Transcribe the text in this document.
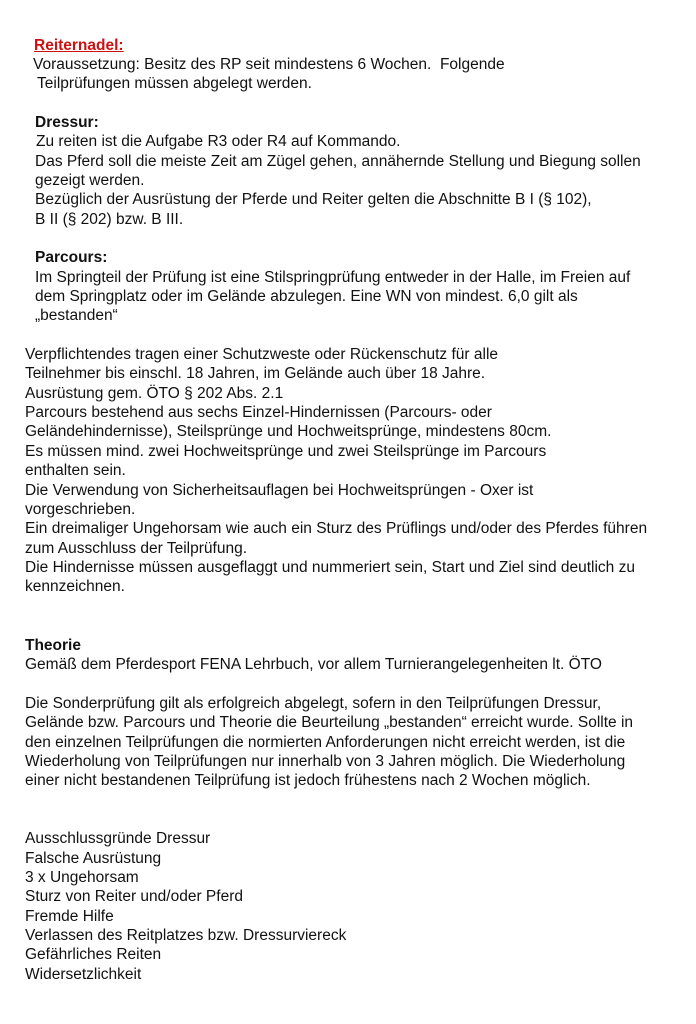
Reiternadel:

Voraussetzung: Besitz des RP seit mindestens 6 Wochen.  Folgende

Teilprüfungen müssen abgelegt werden.

Dressur:

Zu reiten ist die Aufgabe R3 oder R4 auf Kommando.

Das Pferd soll die meiste Zeit am Zügel gehen, annähernde Stellung und Biegung sollen

gezeigt werden.

Bezüglich der Ausrüstung der Pferde und Reiter gelten die Abschnitte B I (§ 102),

B II (§ 202) bzw. B III.

Parcours:

Im Springteil der Prüfung ist eine Stilspringprüfung entweder in der Halle, im Freien auf

dem Springplatz oder im Gelände abzulegen. Eine WN von mindest. 6,0 gilt als

„bestanden“

Verpflichtendes tragen einer Schutzweste oder Rückenschutz für alle

Teilnehmer bis einschl. 18 Jahren, im Gelände auch über 18 Jahre.

Ausrüstung gem. ÖTO § 202 Abs. 2.1

Parcours bestehend aus sechs Einzel-Hindernissen (Parcours- oder

Geländehindernisse), Steilsprünge und Hochweitsprünge, mindestens 80cm.

Es müssen mind. zwei Hochweitsprünge und zwei Steilsprünge im Parcours

enthalten sein.

Die Verwendung von Sicherheitsauflagen bei Hochweitsprüngen - Oxer ist

vorgeschrieben.

Ein dreimaliger Ungehorsam wie auch ein Sturz des Prüflings und/oder des Pferdes führen

zum Ausschluss der Teilprüfung.

Die Hindernisse müssen ausgeflaggt und nummeriert sein, Start und Ziel sind deutlich zu

kennzeichnen.

Theorie

Gemäß dem Pferdesport FENA Lehrbuch, vor allem Turnierangelegenheiten lt. ÖTO

Die Sonderprüfung gilt als erfolgreich abgelegt, sofern in den Teilprüfungen Dressur,

Gelände bzw. Parcours und Theorie die Beurteilung „bestanden“ erreicht wurde. Sollte in

den einzelnen Teilprüfungen die normierten Anforderungen nicht erreicht werden, ist die

Wiederholung von Teilprüfungen nur innerhalb von 3 Jahren möglich. Die Wiederholung

einer nicht bestandenen Teilprüfung ist jedoch frühestens nach 2 Wochen möglich.

Ausschlussgründe Dressur

Falsche Ausrüstung

3 x Ungehorsam

Sturz von Reiter und/oder Pferd

Fremde Hilfe

Verlassen des Reitplatzes bzw. Dressurviereck

Gefährliches Reiten

Widersetzlichkeit
